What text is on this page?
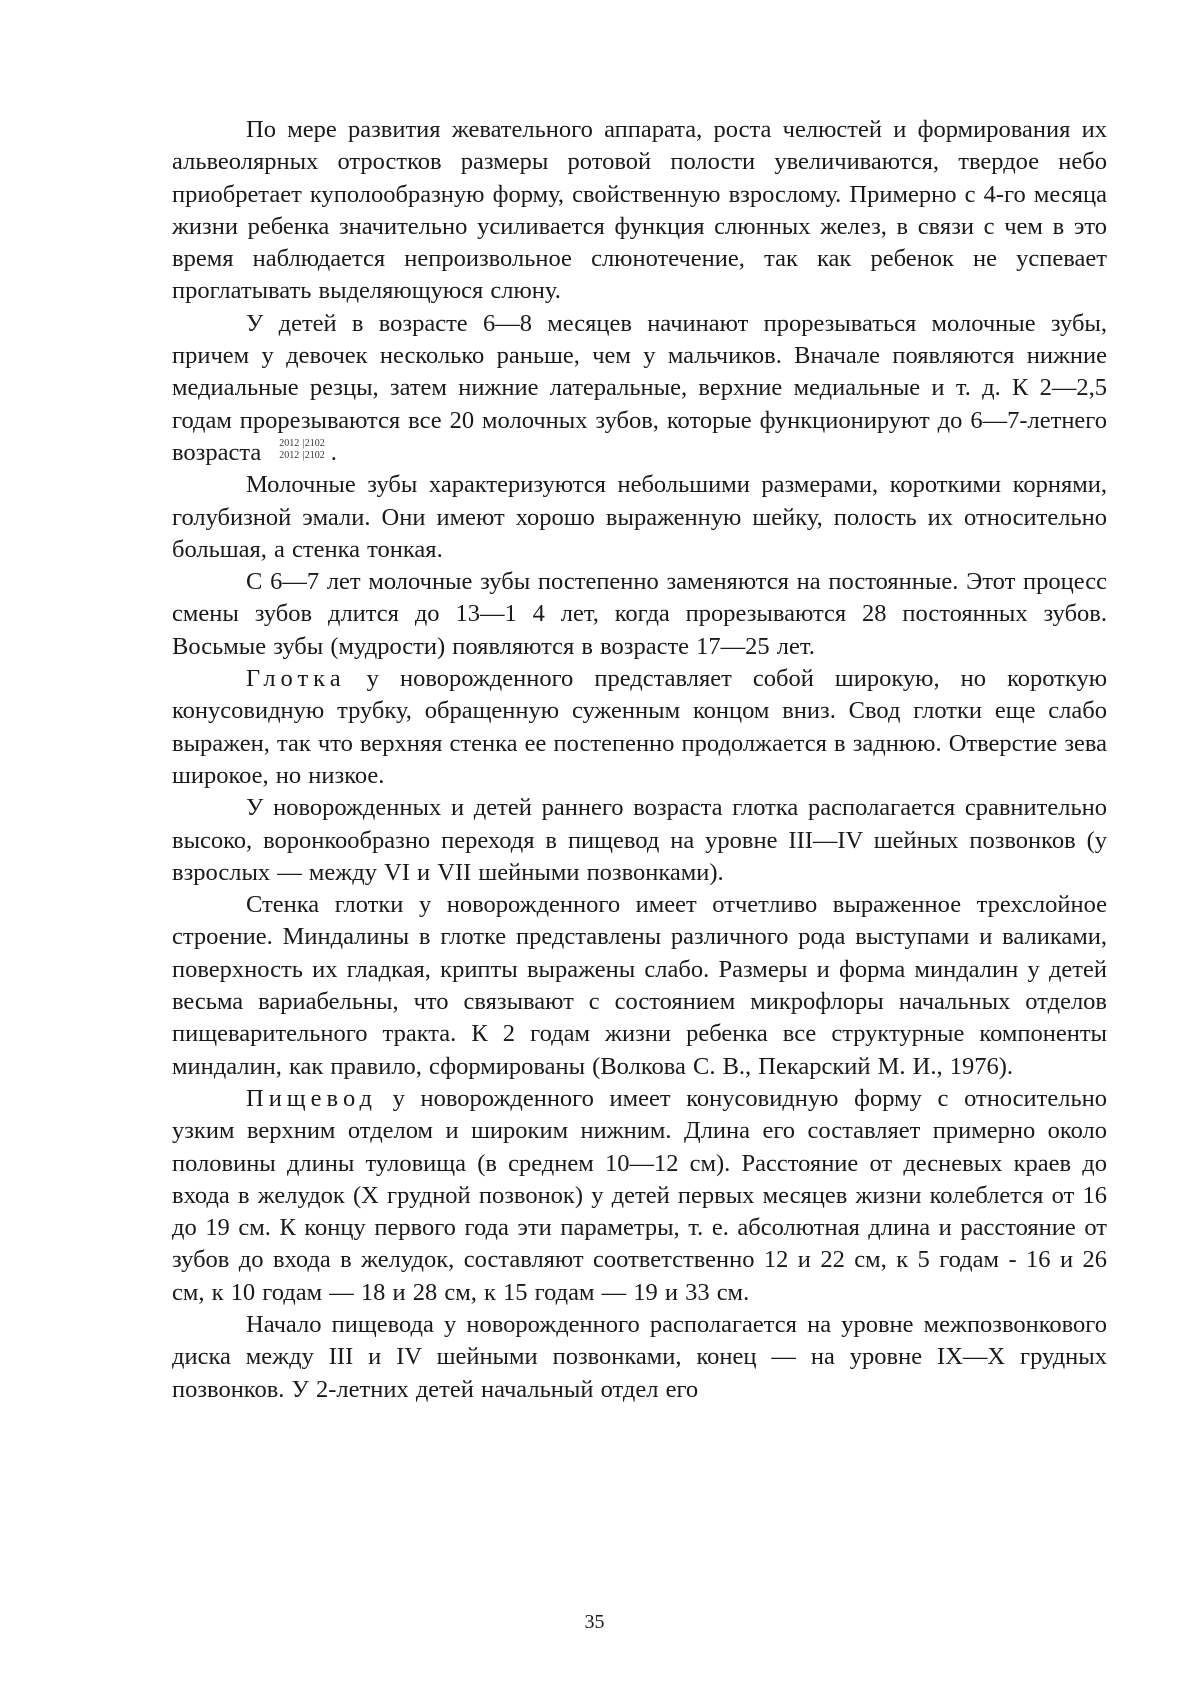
По мере развития жевательного аппарата, роста челюстей и формирования их альвеолярных отростков размеры ротовой полости увеличиваются, твердое небо приобретает куполообразную форму, свойственную взрослому. Примерно с 4-го месяца жизни ребенка значительно усиливается функция слюнных желез, в связи с чем в это время наблюдается непроизвольное слюнотечение, так как ребенок не успевает проглатывать выделяющуюся слюну.

У детей в возрасте 6—8 месяцев начинают прорезываться молочные зубы, причем у девочек несколько раньше, чем у мальчиков. Вначале появляются нижние медиальные резцы, затем нижние латеральные, верхние медиальные и т. д. К 2—2,5 годам прорезываются все 20 молочных зубов, которые функционируют до 6—7-летнего возраста 2012 |2102
2012 |2102 .

Молочные зубы характеризуются небольшими размерами, короткими корнями, голубизной эмали. Они имеют хорошо выраженную шейку, полость их относительно большая, а стенка тонкая.

С 6—7 лет молочные зубы постепенно заменяются на постоянные. Этот процесс смены зубов длится до 13—1 4 лет, когда прорезываются 28 постоянных зубов. Восьмые зубы (мудрости) появляются в возрасте 17—25 лет.

Глотка у новорожденного представляет собой широкую, но короткую конусовидную трубку, обращенную суженным концом вниз. Свод глотки еще слабо выражен, так что верхняя стенка ее постепенно продолжается в заднюю. Отверстие зева широкое, но низкое.

У новорожденных и детей раннего возраста глотка располагается сравнительно высоко, воронкообразно переходя в пищевод на уровне III—IV шейных позвонков (у взрослых — между VI и VII шейными позвонками).

Стенка глотки у новорожденного имеет отчетливо выраженное трехслойное строение. Миндалины в глотке представлены различного рода выступами и валиками, поверхность их гладкая, крипты выражены слабо. Размеры и форма миндалин у детей весьма вариабельны, что связывают с состоянием микрофлоры начальных отделов пищеварительного тракта. К 2 годам жизни ребенка все структурные компоненты миндалин, как правило, сформированы (Волкова С. В., Пекарский М. И., 1976).

Пищевод у новорожденного имеет конусовидную форму с относительно узким верхним отделом и широким нижним. Длина его составляет примерно около половины длины туловища (в среднем 10—12 см). Расстояние от десневых краев до входа в желудок (X грудной позвонок) у детей первых месяцев жизни колеблется от 16 до 19 см. К концу первого года эти параметры, т. е. абсолютная длина и расстояние от зубов до входа в желудок, составляют соответственно 12 и 22 см, к 5 годам - 16 и 26 см, к 10 годам — 18 и 28 см, к 15 годам — 19 и 33 см.

Начало пищевода у новорожденного располагается на уровне межпозвонкового диска между III и IV шейными позвонками, конец — на уровне IX—X грудных позвонков. У 2-летних детей начальный отдел его

35
